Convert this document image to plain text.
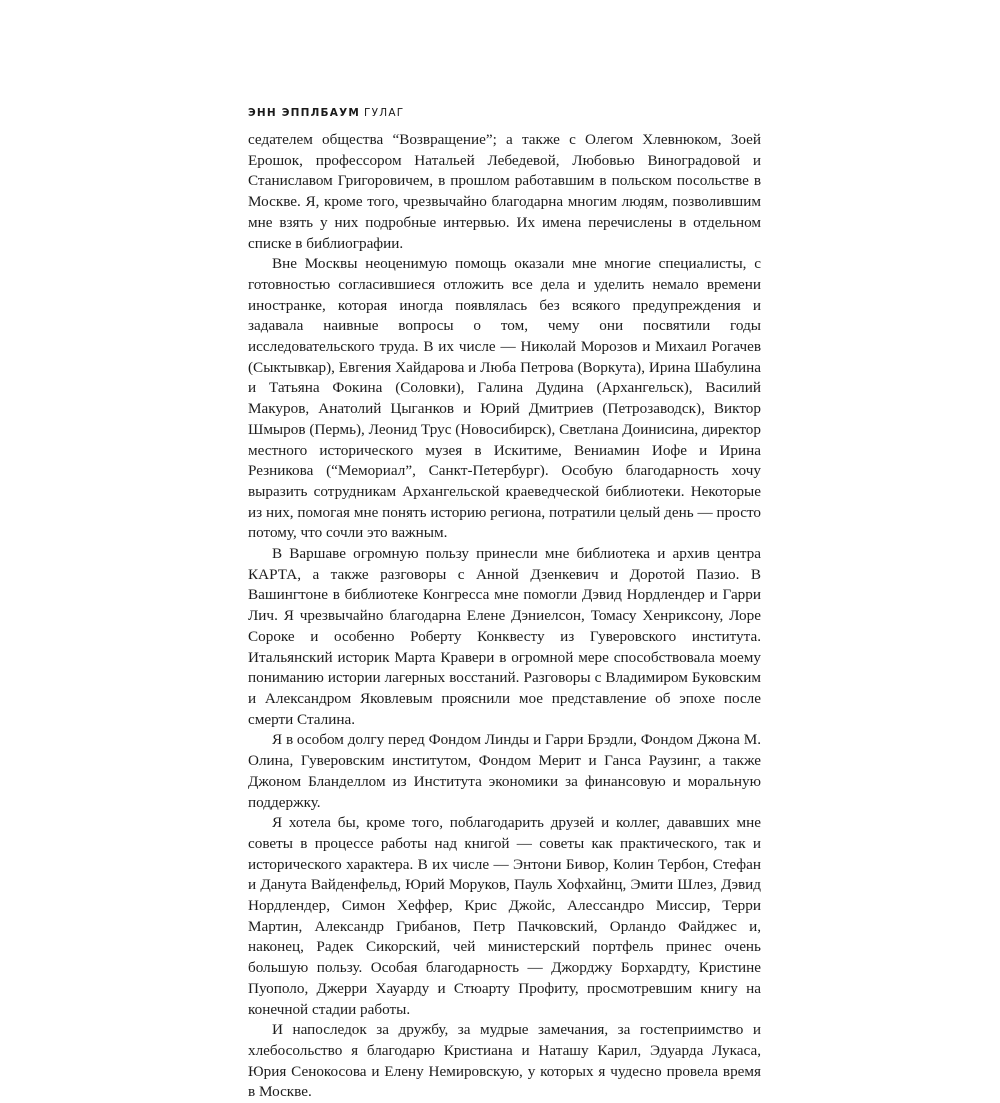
ЭНН ЭППЛБАУМ ГУЛАГ

седателем общества “Возвращение”; а также с Олегом Хлевнюком, Зоей Ерошок, профессором Натальей Лебедевой, Любовью Виноградовой и Станиславом Григоровичем, в прошлом работавшим в польском посольстве в Москве. Я, кроме того, чрезвычайно благодарна многим людям, позволившим мне взять у них подробные интервью. Их имена перечислены в отдельном списке в библиографии.

Вне Москвы неоценимую помощь оказали мне многие специалисты, с готовностью согласившиеся отложить все дела и уделить немало времени иностранке, которая иногда появлялась без всякого предупреждения и задавала наивные вопросы о том, чему они посвятили годы исследовательского труда. В их числе — Николай Морозов и Михаил Рогачев (Сыктывкар), Евгения Хайдарова и Люба Петрова (Воркута), Ирина Шабулина и Татьяна Фокина (Соловки), Галина Дудина (Архангельск), Василий Макуров, Анатолий Цыганков и Юрий Дмитриев (Петрозаводск), Виктор Шмыров (Пермь), Леонид Трус (Новосибирск), Светлана Доинисина, директор местного исторического музея в Искитиме, Вениамин Иофе и Ирина Резникова (“Мемориал”, Санкт-Петербург). Особую благодарность хочу выразить сотрудникам Архангельской краеведческой библиотеки. Некоторые из них, помогая мне понять историю региона, потратили целый день — просто потому, что сочли это важным.

В Варшаве огромную пользу принесли мне библиотека и архив центра КАРТА, а также разговоры с Анной Дзенкевич и Доротой Пазио. В Вашингтоне в библиотеке Конгресса мне помогли Дэвид Нордлендер и Гарри Лич. Я чрезвычайно благодарна Елене Дэниелсон, Томасу Хенриксону, Лоре Сороке и особенно Роберту Конквесту из Гуверовского института. Итальянский историк Марта Кравери в огромной мере способствовала моему пониманию истории лагерных восстаний. Разговоры с Владимиром Буковским и Александром Яковлевым прояснили мое представление об эпохе после смерти Сталина.

Я в особом долгу перед Фондом Линды и Гарри Брэдли, Фондом Джона М. Олина, Гуверовским институтом, Фондом Мерит и Ганса Раузинг, а также Джоном Бланделлом из Института экономики за финансовую и моральную поддержку.

Я хотела бы, кроме того, поблагодарить друзей и коллег, дававших мне советы в процессе работы над книгой — советы как практического, так и исторического характера. В их числе — Энтони Бивор, Колин Тербон, Стефан и Данута Вайденфельд, Юрий Моруков, Пауль Хофхайнц, Эмити Шлез, Дэвид Нордлендер, Симон Хеффер, Крис Джойс, Алессандро Миссир, Терри Мартин, Александр Грибанов, Петр Пачковский, Орландо Файджес и, наконец, Радек Сикорский, чей министерский портфель принес очень большую пользу. Особая благодарность — Джорджу Борхардту, Кристине Пуополо, Джерри Хауарду и Стюарту Профиту, просмотревшим книгу на конечной стадии работы.

И напоследок за дружбу, за мудрые замечания, за гостеприимство и хлебосольство я благодарю Кристиана и Наташу Карил, Эдуарда Лукаса, Юрия Сенокосова и Елену Немировскую, у которых я чудесно провела время в Москве.
